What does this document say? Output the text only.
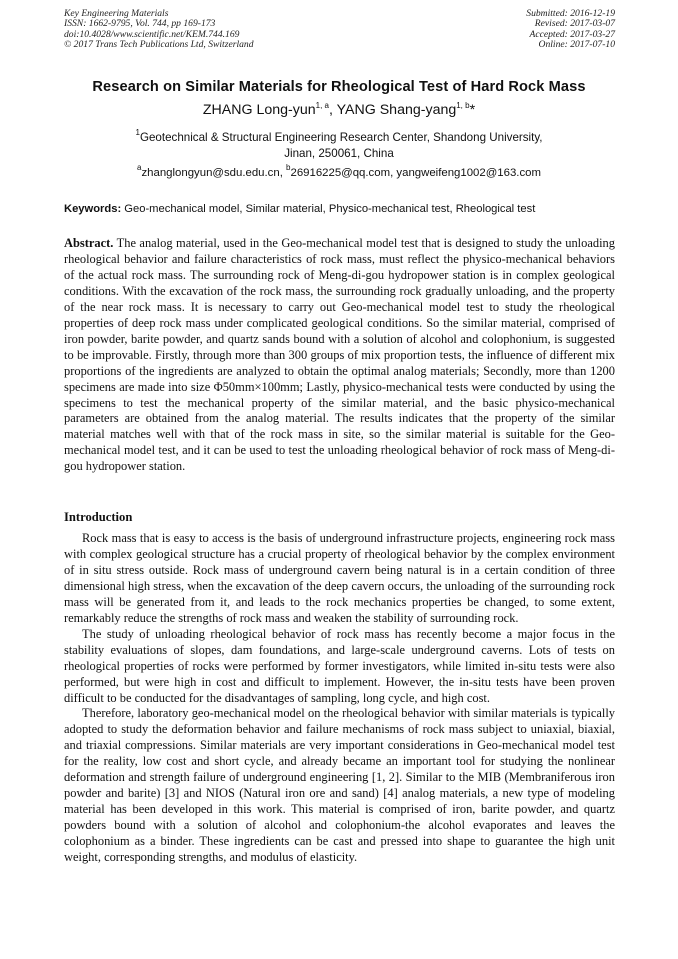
Key Engineering Materials
ISSN: 1662-9795, Vol. 744, pp 169-173
doi:10.4028/www.scientific.net/KEM.744.169
© 2017 Trans Tech Publications Ltd, Switzerland
Submitted: 2016-12-19
Revised: 2017-03-07
Accepted: 2017-03-27
Online: 2017-07-10
Research on Similar Materials for Rheological Test of Hard Rock Mass
ZHANG Long-yun$^{1, a}$, YANG Shang-yang$^{1, b}$*
$^1$Geotechnical & Structural Engineering Research Center, Shandong University,
Jinan, 250061, China
$^a$zhanglongyun@sdu.edu.cn, $^b$26916225@qq.com, yangweifeng1002@163.com
Keywords: Geo-mechanical model, Similar material, Physico-mechanical test, Rheological test
Abstract. The analog material, used in the Geo-mechanical model test that is designed to study the unloading rheological behavior and failure characteristics of rock mass, must reflect the physico-mechanical behaviors of the actual rock mass. The surrounding rock of Meng-di-gou hydropower station is in complex geological conditions. With the excavation of the rock mass, the surrounding rock gradually unloading, and the property of the near rock mass. It is necessary to carry out Geo-mechanical model test to study the rheological properties of deep rock mass under complicated geological conditions. So the similar material, comprised of iron powder, barite powder, and quartz sands bound with a solution of alcohol and colophonium, is suggested to be improvable. Firstly, through more than 300 groups of mix proportion tests, the influence of different mix proportions of the ingredients are analyzed to obtain the optimal analog materials; Secondly, more than 1200 specimens are made into size Φ50mm×100mm; Lastly, physico-mechanical tests were conducted by using the specimens to test the mechanical property of the similar material, and the basic physico-mechanical parameters are obtained from the analog material. The results indicates that the property of the similar material matches well with that of the rock mass in site, so the similar material is suitable for the Geo-mechanical model test, and it can be used to test the unloading rheological behavior of rock mass of Meng-di-gou hydropower station.
Introduction

Rock mass that is easy to access is the basis of underground infrastructure projects, engineering rock mass with complex geological structure has a crucial property of rheological behavior by the complex environment of in situ stress outside. Rock mass of underground cavern being natural is in a certain condition of three dimensional high stress, when the excavation of the deep cavern occurs, the unloading of the surrounding rock mass will be generated from it, and leads to the rock mechanics properties be changed, to some extent, remarkably reduce the strengths of rock mass and weaken the stability of surrounding rock.

The study of unloading rheological behavior of rock mass has recently become a major focus in the stability evaluations of slopes, dam foundations, and large-scale underground caverns. Lots of tests on rheological properties of rocks were performed by former investigators, while limited in-situ tests were also performed, but were high in cost and difficult to implement. However, the in-situ tests have been proven difficult to be conducted for the disadvantages of sampling, long cycle, and high cost.

Therefore, laboratory geo-mechanical model on the rheological behavior with similar materials is typically adopted to study the deformation behavior and failure mechanisms of rock mass subject to uniaxial, biaxial, and triaxial compressions. Similar materials are very important considerations in Geo-mechanical model test for the reality, low cost and short cycle, and already became an important tool for studying the nonlinear deformation and strength failure of underground engineering [1, 2]. Similar to the MIB (Membraniferous iron powder and barite) [3] and NIOS (Natural iron ore and sand) [4] analog materials, a new type of modeling material has been developed in this work. This material is comprised of iron, barite powder, and quartz powders bound with a solution of alcohol and colophonium-the alcohol evaporates and leaves the colophonium as a binder. These ingredients can be cast and pressed into shape to guarantee the high unit weight, corresponding strengths, and modulus of elasticity.
